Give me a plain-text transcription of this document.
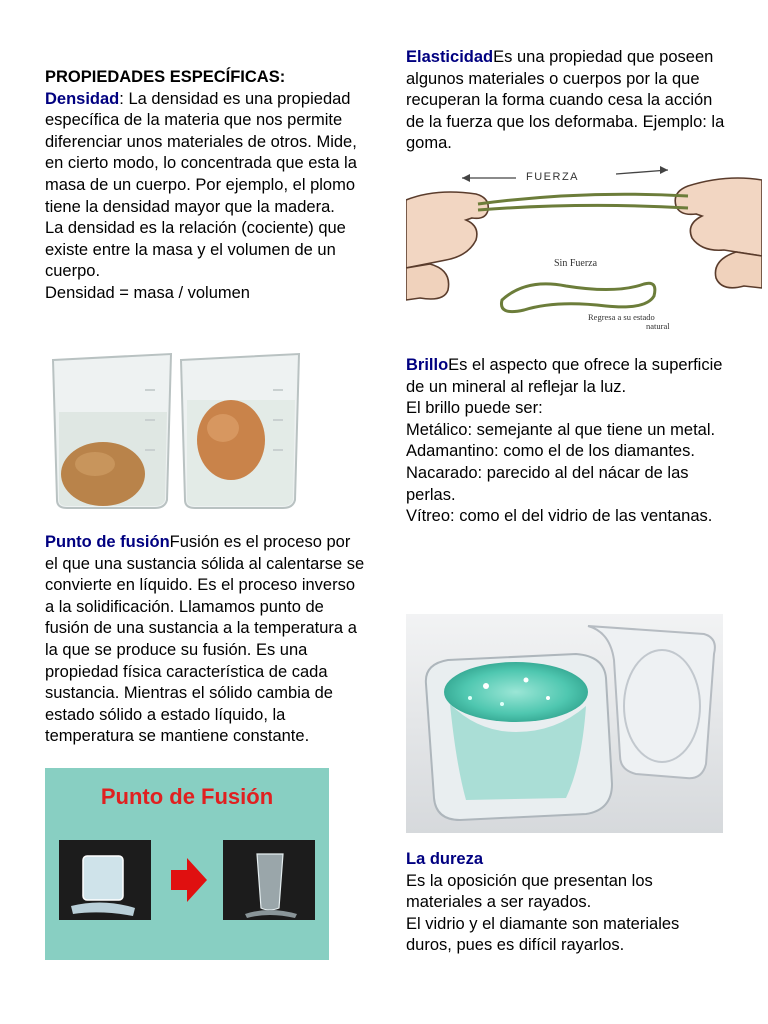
PROPIEDADES ESPECÍFICAS:

Densidad: La densidad es una propiedad específica de la materia que nos permite diferenciar unos materiales de otros. Mide, en cierto modo, lo concentrada que esta la masa de un cuerpo. Por ejemplo, el plomo tiene la densidad mayor que la madera.

La densidad es la relación (cociente) que existe entre la masa y el volumen de un cuerpo.

Densidad = masa / volumen

Punto de fusiónFusión es el proceso por el que una sustancia sólida al calentarse se convierte en líquido. Es el proceso inverso a la solidificación. Llamamos punto de fusión de una sustancia a la temperatura a la que se produce su fusión. Es una propiedad física característica de cada sustancia. Mientras el sólido cambia de estado sólido a estado líquido, la temperatura se mantiene constante.

Punto de Fusión

ElasticidadEs una propiedad que poseen algunos materiales o cuerpos por la que recuperan la forma cuando cesa la acción de la fuerza que los deformaba. Ejemplo: la goma.

FUERZA
Sin Fuerza
Regresa a su estado
natural

BrilloEs el aspecto que ofrece la superficie de un mineral al reflejar la luz.

El brillo puede ser:

Metálico: semejante al que tiene un metal.

Adamantino: como el de los diamantes.

Nacarado: parecido al del nácar de las perlas.

Vítreo: como el del vidrio de las ventanas.

La dureza

Es la oposición que presentan los materiales a ser rayados.

El vidrio y el diamante son materiales duros, pues es difícil rayarlos.
